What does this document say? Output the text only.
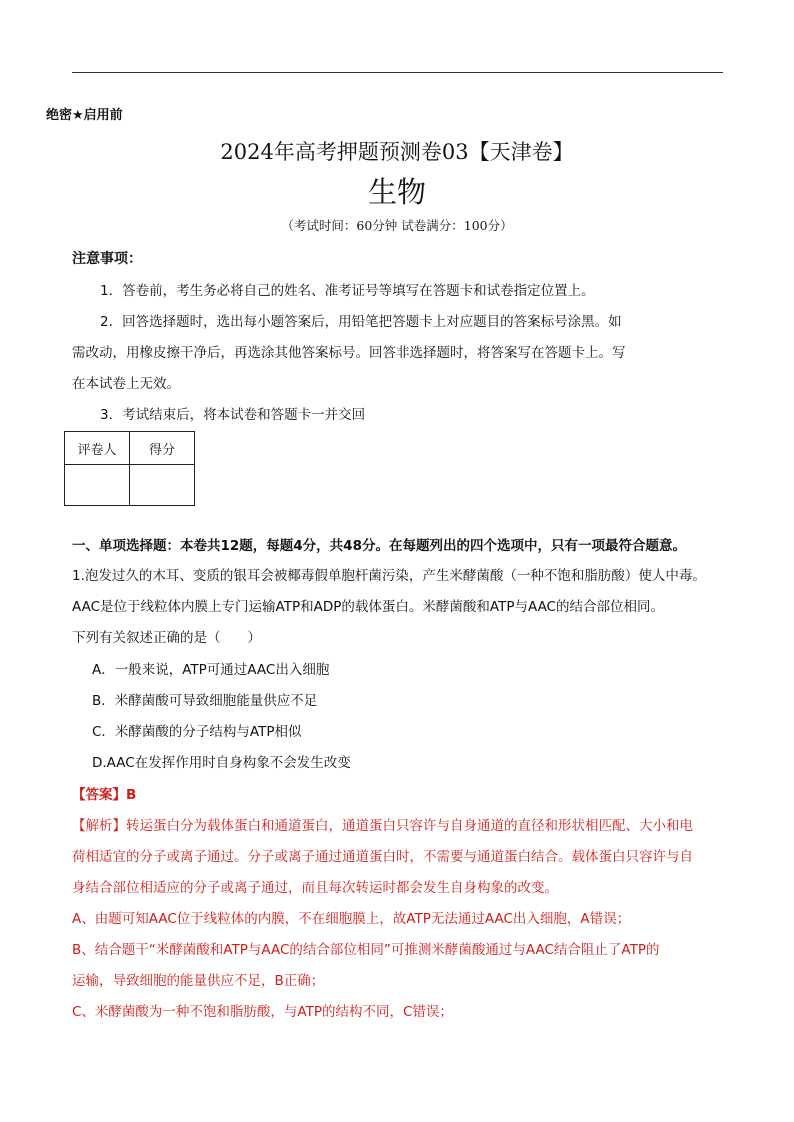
绝密★启用前
2024年高考押题预测卷03【天津卷】
生物
（考试时间：60分钟 试卷满分：100分）
注意事项：
1．答卷前，考生务必将自己的姓名、准考证号等填写在答题卡和试卷指定位置上。
2．回答选择题时，选出每小题答案后，用铅笔把答题卡上对应题目的答案标号涂黑。如
需改动，用橡皮擦干净后，再选涂其他答案标号。回答非选择题时，将答案写在答题卡上。写
在本试卷上无效。
3．考试结束后，将本试卷和答题卡一并交回
评卷人	得分

一、单项选择题：本卷共12题，每题4分，共48分。在每题列出的四个选项中，只有一项最符合题意。
1.泡发过久的木耳、变质的银耳会被椰毒假单胞杆菌污染，产生米酵菌酸（一种不饱和脂肪酸）使人中毒。
AAC是位于线粒体内膜上专门运输ATP和ADP的载体蛋白。米酵菌酸和ATP与AAC的结合部位相同。
下列有关叙述正确的是（　　）
A．一般来说，ATP可通过AAC出入细胞
B．米酵菌酸可导致细胞能量供应不足
C．米酵菌酸的分子结构与ATP相似
D.AAC在发挥作用时自身构象不会发生改变
【答案】B
【解析】转运蛋白分为载体蛋白和通道蛋白，通道蛋白只容许与自身通道的直径和形状相匹配、大小和电
荷相适宜的分子或离子通过。分子或离子通过通道蛋白时，不需要与通道蛋白结合。载体蛋白只容许与自
身结合部位相适应的分子或离子通过，而且每次转运时都会发生自身构象的改变。
A、由题可知AAC位于线粒体的内膜，不在细胞膜上，故ATP无法通过AAC出入细胞，A错误；
B、结合题干“米酵菌酸和ATP与AAC的结合部位相同”可推测米酵菌酸通过与AAC结合阻止了ATP的
运输，导致细胞的能量供应不足，B正确；
C、米酵菌酸为一种不饱和脂肪酸，与ATP的结构不同，C错误；
